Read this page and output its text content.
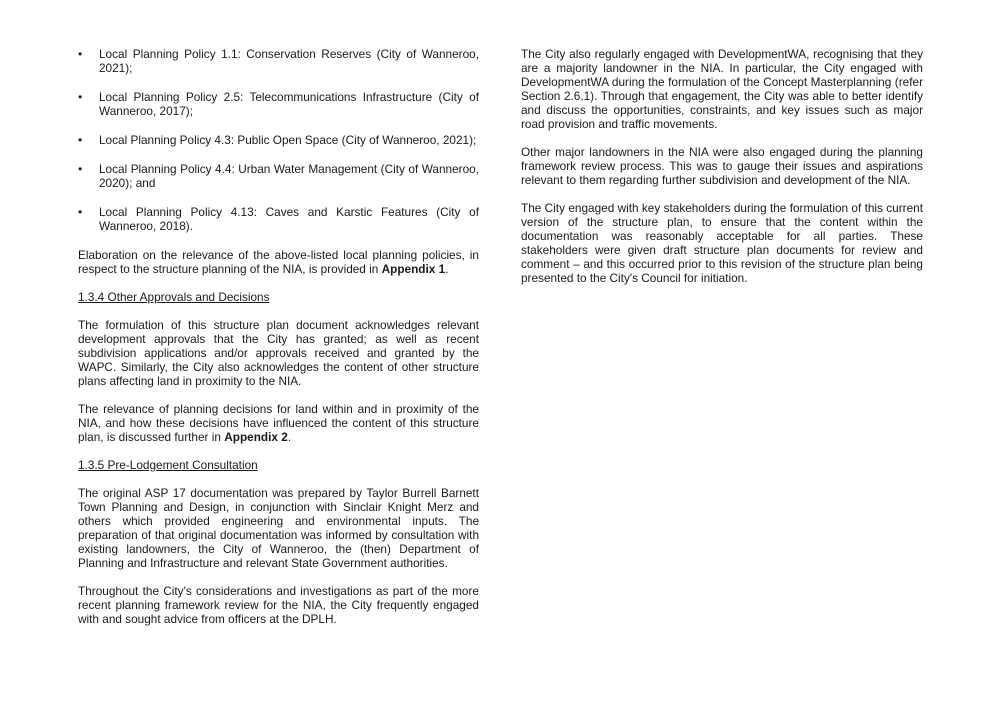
• Local Planning Policy 1.1: Conservation Reserves (City of Wanneroo, 2021);
• Local Planning Policy 2.5: Telecommunications Infrastructure (City of Wanneroo, 2017);
• Local Planning Policy 4.3: Public Open Space (City of Wanneroo, 2021);
• Local Planning Policy 4.4: Urban Water Management (City of Wanneroo, 2020); and
• Local Planning Policy 4.13: Caves and Karstic Features (City of Wanneroo, 2018).

Elaboration on the relevance of the above-listed local planning policies, in respect to the structure planning of the NIA, is provided in Appendix 1.

1.3.4 Other Approvals and Decisions

The formulation of this structure plan document acknowledges relevant development approvals that the City has granted; as well as recent subdivision applications and/or approvals received and granted by the WAPC. Similarly, the City also acknowledges the content of other structure plans affecting land in proximity to the NIA.

The relevance of planning decisions for land within and in proximity of the NIA, and how these decisions have influenced the content of this structure plan, is discussed further in Appendix 2.

1.3.5 Pre-Lodgement Consultation

The original ASP 17 documentation was prepared by Taylor Burrell Barnett Town Planning and Design, in conjunction with Sinclair Knight Merz and others which provided engineering and environmental inputs. The preparation of that original documentation was informed by consultation with existing landowners, the City of Wanneroo, the (then) Department of Planning and Infrastructure and relevant State Government authorities.

Throughout the City's considerations and investigations as part of the more recent planning framework review for the NIA, the City frequently engaged with and sought advice from officers at the DPLH.

The City also regularly engaged with DevelopmentWA, recognising that they are a majority landowner in the NIA. In particular, the City engaged with DevelopmentWA during the formulation of the Concept Masterplanning (refer Section 2.6.1). Through that engagement, the City was able to better identify and discuss the opportunities, constraints, and key issues such as major road provision and traffic movements.

Other major landowners in the NIA were also engaged during the planning framework review process. This was to gauge their issues and aspirations relevant to them regarding further subdivision and development of the NIA.

The City engaged with key stakeholders during the formulation of this current version of the structure plan, to ensure that the content within the documentation was reasonably acceptable for all parties. These stakeholders were given draft structure plan documents for review and comment – and this occurred prior to this revision of the structure plan being presented to the City's Council for initiation.
